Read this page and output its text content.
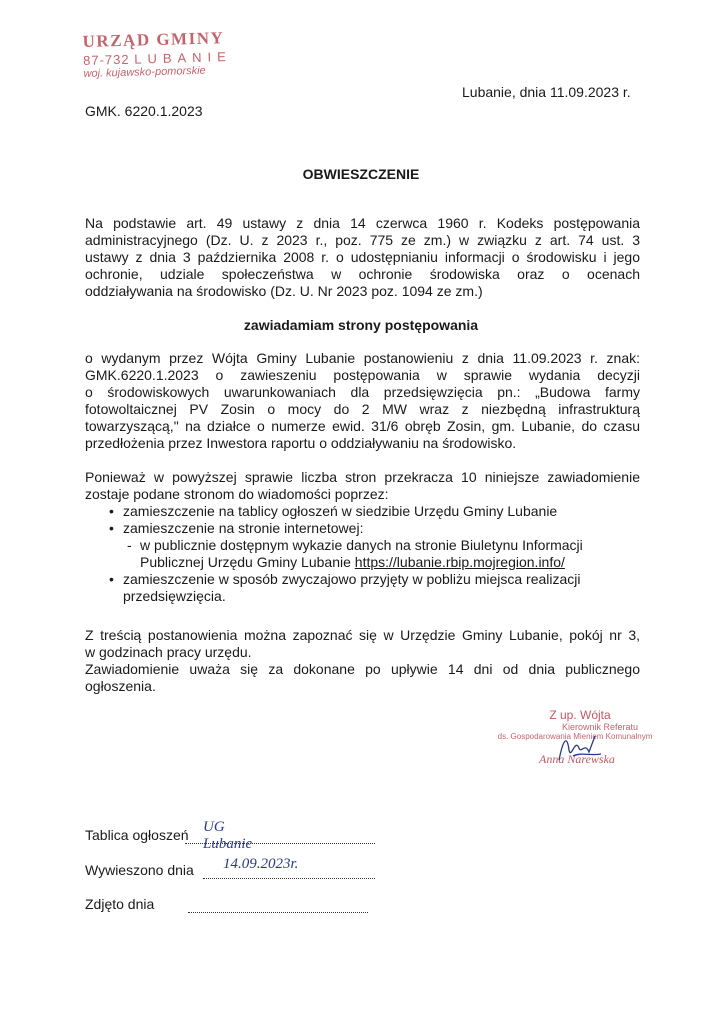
URZĄD GMINY
87-732 LUBANIE
woj. kujawsko-pomorskie
Lubanie, dnia 11.09.2023 r.
GMK. 6220.1.2023
OBWIESZCZENIE
Na podstawie art. 49 ustawy z dnia 14 czerwca 1960 r. Kodeks postępowania
administracyjnego (Dz. U. z 2023 r., poz. 775 ze zm.) w związku z art. 74 ust. 3
ustawy z dnia 3 października 2008 r. o udostępnianiu informacji o środowisku i jego
ochronie, udziale społeczeństwa w ochronie środowiska oraz o ocenach
oddziaływania na środowisko (Dz. U. Nr 2023 poz. 1094 ze zm.)
zawiadamiam strony postępowania
o wydanym przez Wójta Gminy Lubanie postanowieniu z dnia 11.09.2023 r. znak:
GMK.6220.1.2023 o zawieszeniu postępowania w sprawie wydania decyzji
o środowiskowych uwarunkowaniach dla przedsięwzięcia pn.: „Budowa farmy
fotowoltaicznej PV Zosin o mocy do 2 MW wraz z niezbędną infrastrukturą
towarzyszącą," na działce o numerze ewid. 31/6 obręb Zosin, gm. Lubanie, do czasu
przedłożenia przez Inwestora raportu o oddziaływaniu na środowisko.
Ponieważ w powyższej sprawie liczba stron przekracza 10 niniejsze zawiadomienie
zostaje podane stronom do wiadomości poprzez:
• zamieszczenie na tablicy ogłoszeń w siedzibie Urzędu Gminy Lubanie
• zamieszczenie na stronie internetowej:
- w publicznie dostępnym wykazie danych na stronie Biuletynu Informacji
Publicznej Urzędu Gminy Lubanie https://lubanie.rbip.mojregion.info/
• zamieszczenie w sposób zwyczajowo przyjęty w pobliżu miejsca realizacji
przedsięwzięcia.
Z treścią postanowienia można zapoznać się w Urzędzie Gminy Lubanie, pokój nr 3,
w godzinach pracy urzędu.
Zawiadomienie uważa się za dokonane po upływie 14 dni od dnia publicznego
ogłoszenia.
Z up. Wójta
Kierownik Referatu
ds. Gospodarowania Mieniem Komunalnym
Anna Narewska
Tablica ogłoszeń UG Lubanie
Wywieszono dnia 14.09.2023r.
Zdjęto dnia
